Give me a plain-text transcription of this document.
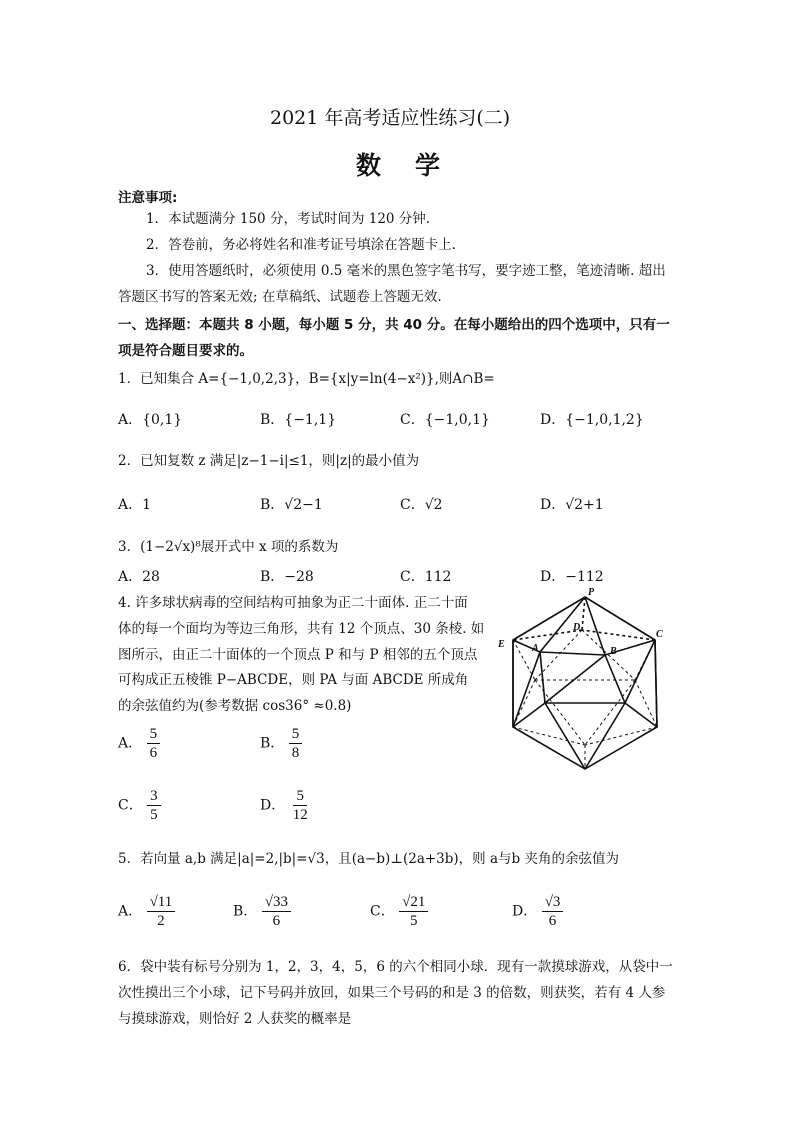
2021 年高考适应性练习(二)
数学
注意事项:
1．本试题满分 150 分，考试时间为 120 分钟.
2．答卷前，务必将姓名和准考证号填涂在答题卡上.
3．使用答题纸时，必须使用 0.5 毫米的黑色签字笔书写，要字迹工整，笔迹清晰. 超出
答题区书写的答案无效; 在草稿纸、试题卷上答题无效.
一、选择题：本题共 8 小题，每小题 5 分，共 40 分。在每小题给出的四个选项中，只有一
项是符合题目要求的。
1．已知集合 A={−1,0,2,3}，B={x|y=ln(4−x²)},则A∩B=
A．{0,1}	B．{−1,1}	C．{−1,0,1}	D．{−1,0,1,2}
2．已知复数 z 满足|z−1−i|≤1，则|z|的最小值为
A．1	B．√2−1	C．√2	D．√2+1
3．(1−2√x)⁸展开式中 x 项的系数为
A．28	B．−28	C．112	D．−112
4. 许多球状病毒的空间结构可抽象为正二十面体. 正二十面
体的每一个面均为等边三角形，共有 12 个顶点、30 条棱. 如
图所示，由正二十面体的一个顶点 P 和与 P 相邻的五个顶点
可构成正五棱锥 P−ABCDE，则 PA 与面 ABCDE 所成角
的余弦值约为(参考数据 cos36° ≈0.8)
A． $\frac{5}{6}$	B． $\frac{5}{8}$
C． $\frac{3}{5}$	D． $\frac{5}{12}$
P
D
C
E	A	B
5．若向量 a,b 满足|a|=2,|b|=√3，且(a−b)⊥(2a+3b)，则 a与b 夹角的余弦值为
A． $\frac{√11}{2}$	B． $\frac{√33}{6}$	C． $\frac{√21}{5}$	D． $\frac{√3}{6}$
6．袋中装有标号分别为 1，2，3，4，5，6 的六个相同小球．现有一款摸球游戏，从袋中一
次性摸出三个小球，记下号码并放回，如果三个号码的和是 3 的倍数，则获奖，若有 4 人参
与摸球游戏，则恰好 2 人获奖的概率是
